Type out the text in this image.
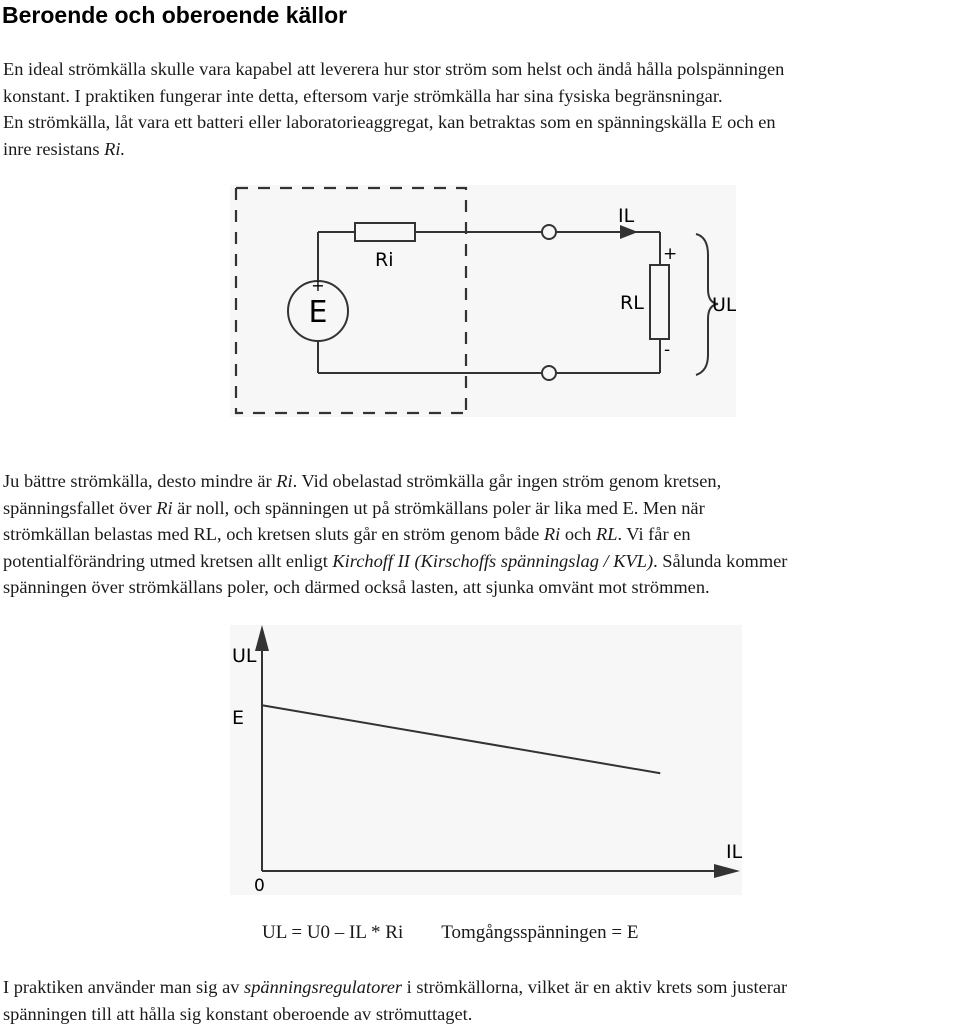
Beroende och oberoende källor
En ideal strömkälla skulle vara kapabel att leverera hur stor ström som helst och ändå hålla polspänningen
konstant. I praktiken fungerar inte detta, eftersom varje strömkälla har sina fysiska begränsningar.
En strömkälla, låt vara ett batteri eller laboratorieaggregat, kan betraktas som en spänningskälla E och en
inre resistans Ri.
E
+
Ri
IL
RL
+
-
UL
Ju bättre strömkälla, desto mindre är Ri. Vid obelastad strömkälla går ingen ström genom kretsen,
spänningsfallet över Ri är noll, och spänningen ut på strömkällans poler är lika med E. Men när
strömkällan belastas med RL, och kretsen sluts går en ström genom både Ri och RL. Vi får en
potentialförändring utmed kretsen allt enligt Kirchoff II (Kirschoffs spänningslag / KVL). Sålunda kommer
spänningen över strömkällans poler, och därmed också lasten, att sjunka omvänt mot strömmen.
UL
IL
E
0
UL = U0 – IL * Ri Tomgångsspänningen = E
I praktiken använder man sig av spänningsregulatorer i strömkällorna, vilket är en aktiv krets som justerar
spänningen till att hålla sig konstant oberoende av strömuttaget.
